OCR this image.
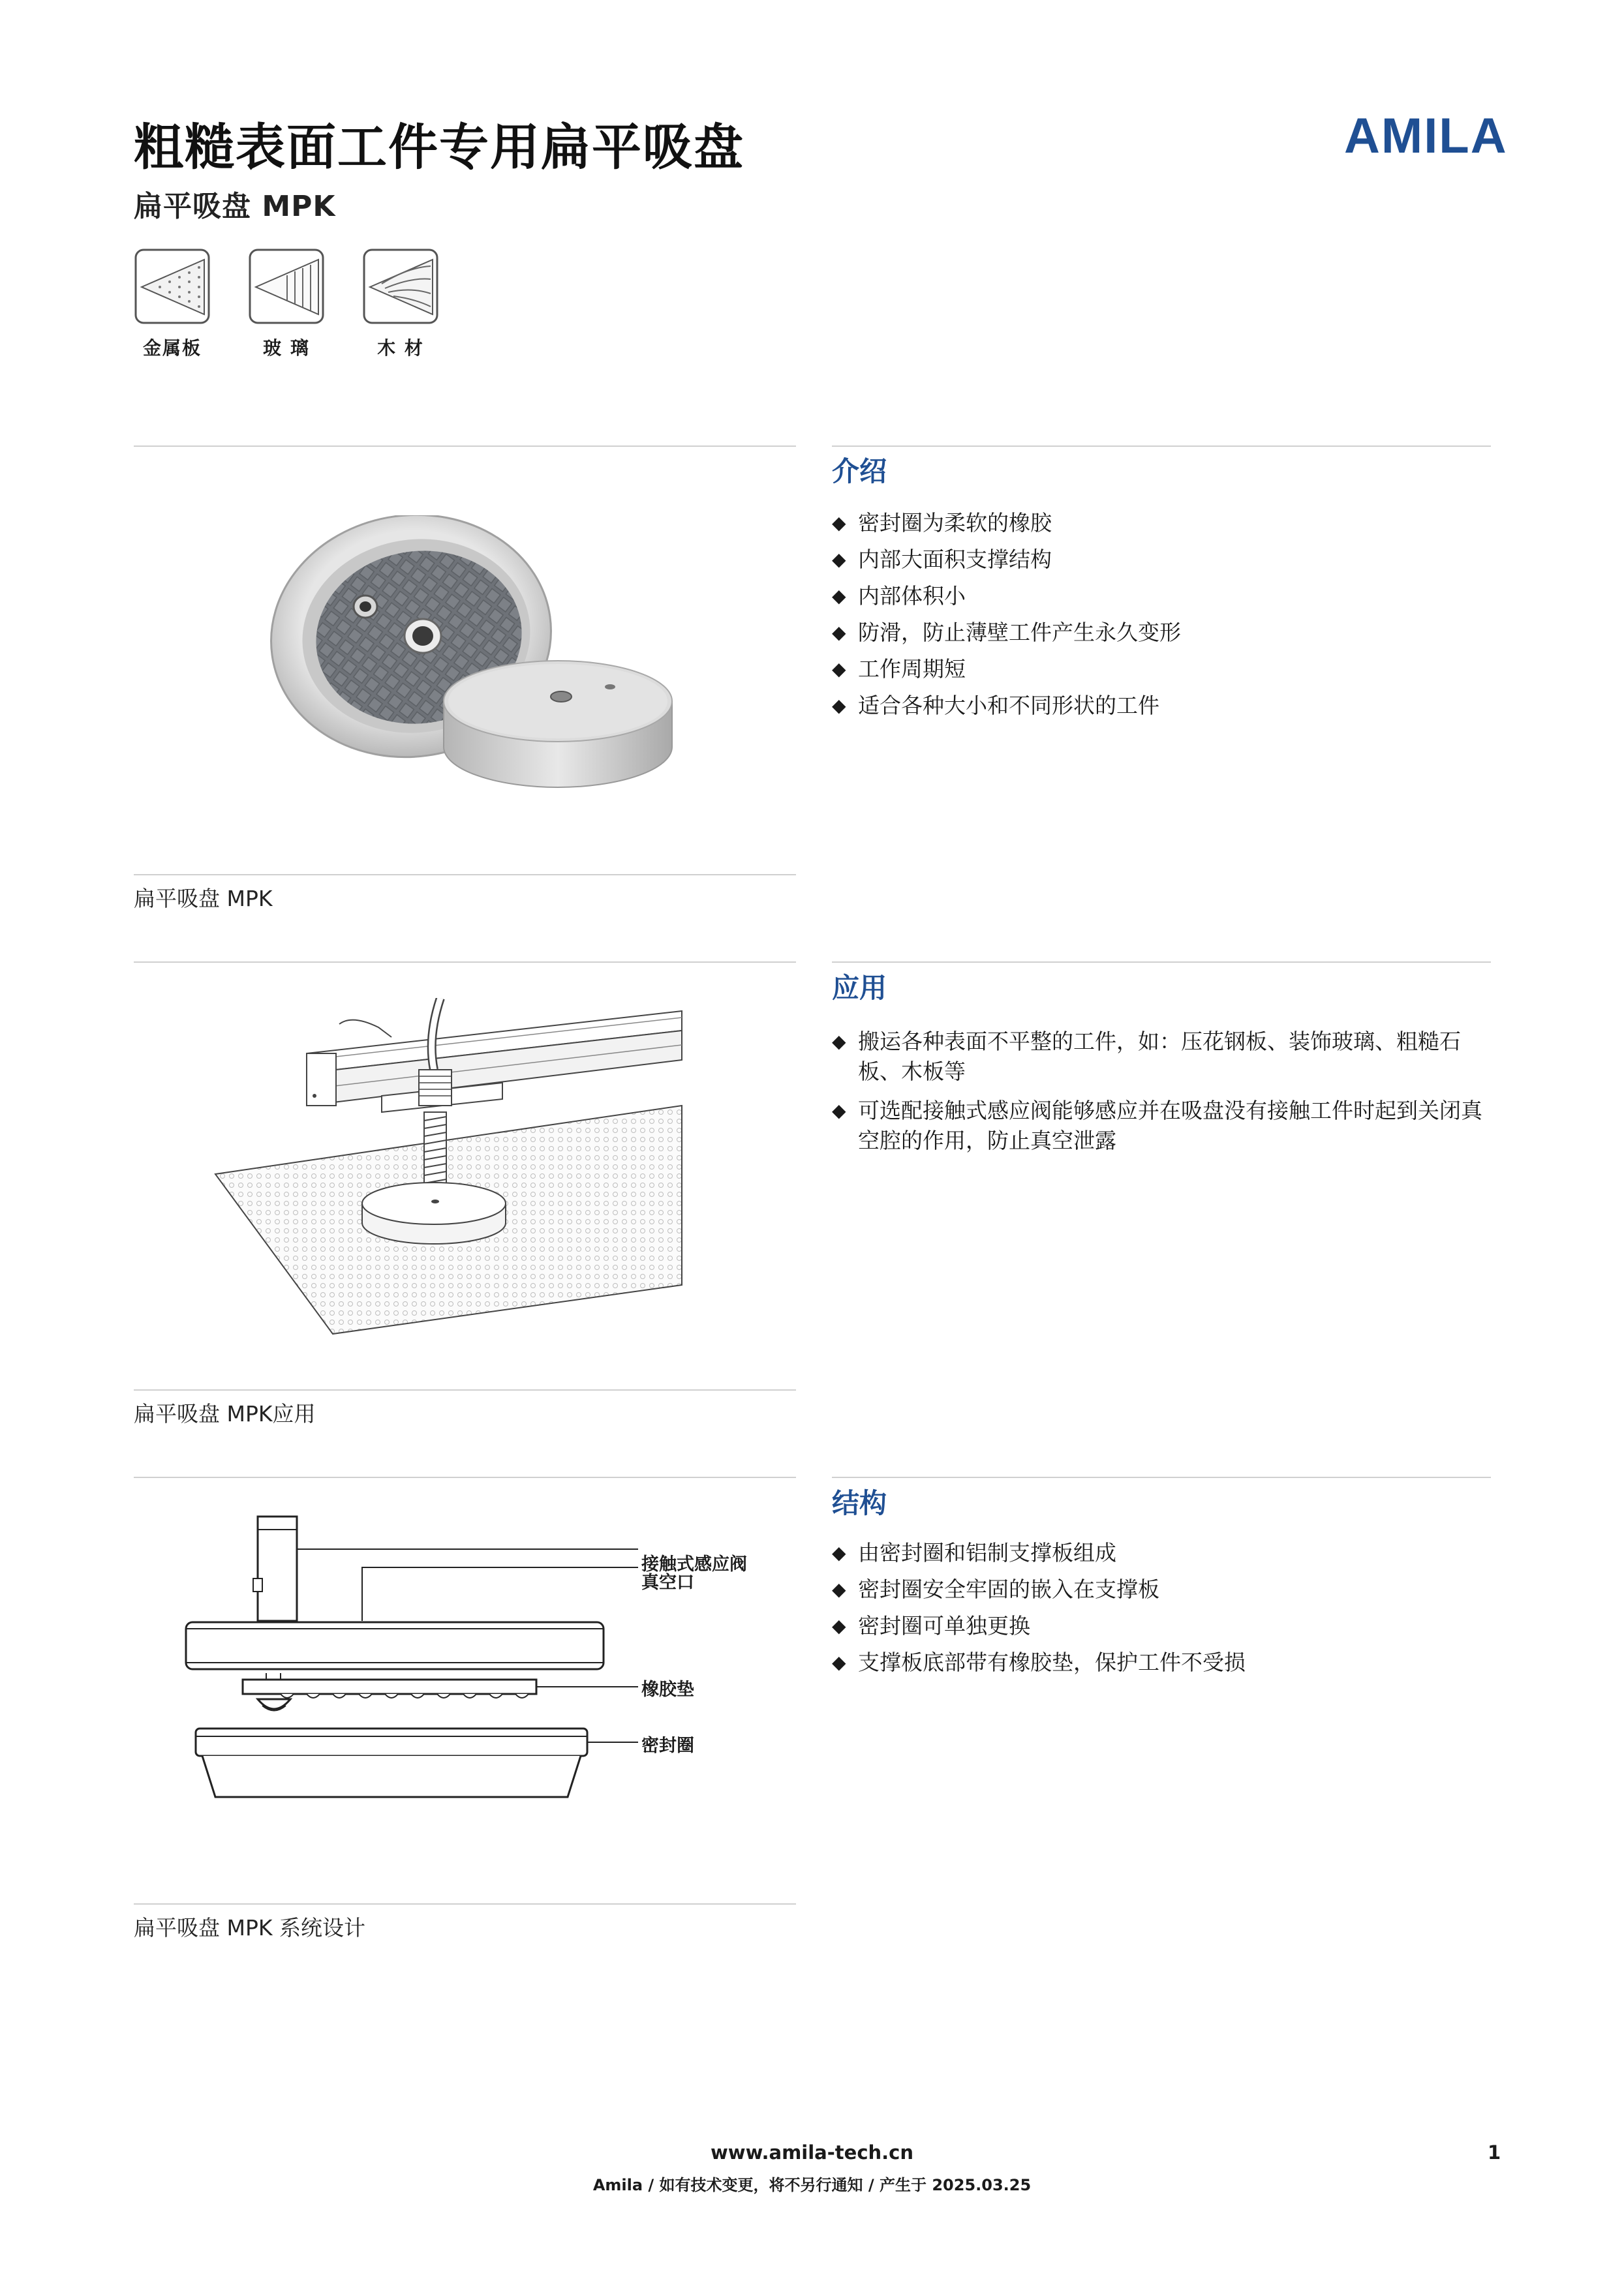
粗糙表面工件专用扁平吸盘
扁平吸盘 MPK
AMILA
金属板	玻 璃	木 材
介绍
◆ 密封圈为柔软的橡胶
◆ 内部大面积支撑结构
◆ 内部体积小
◆ 防滑，防止薄壁工件产生永久变形
◆ 工作周期短
◆ 适合各种大小和不同形状的工件
扁平吸盘 MPK
应用
◆ 搬运各种表面不平整的工件，如：压花钢板、装饰玻璃、粗糙石板、木板等
◆ 可选配接触式感应阀能够感应并在吸盘没有接触工件时起到关闭真空腔的作用，防止真空泄露
扁平吸盘 MPK应用
接触式感应阀
真空口
橡胶垫
密封圈
结构
◆ 由密封圈和铝制支撑板组成
◆ 密封圈安全牢固的嵌入在支撑板
◆ 密封圈可单独更换
◆ 支撑板底部带有橡胶垫，保护工件不受损
扁平吸盘 MPK 系统设计
www.amila-tech.cn
Amila / 如有技术变更，将不另行通知 / 产生于 2025.03.25
1
